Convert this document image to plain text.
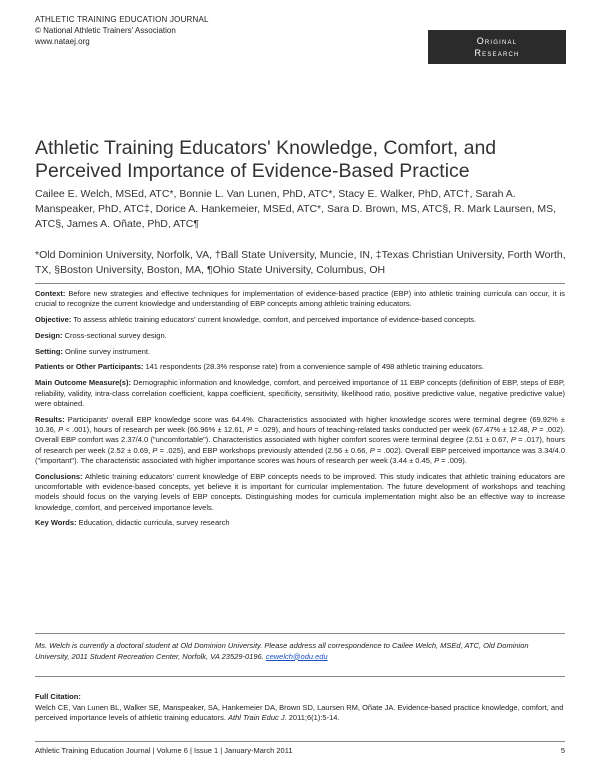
ATHLETIC TRAINING EDUCATION JOURNAL
© National Athletic Trainers' Association
www.nataej.org	Original
Research
Athletic Training Educators' Knowledge, Comfort, and Perceived Importance of Evidence-Based Practice
Cailee E. Welch, MSEd, ATC*, Bonnie L. Van Lunen, PhD, ATC*, Stacy E. Walker, PhD, ATC†, Sarah A. Manspeaker, PhD, ATC‡, Dorice A. Hankemeier, MSEd, ATC*, Sara D. Brown, MS, ATC§, R. Mark Laursen, MS, ATC§, James A. Oñate, PhD, ATC¶
*Old Dominion University, Norfolk, VA, †Ball State University, Muncie, IN, ‡Texas Christian University, Forth Worth, TX, §Boston University, Boston, MA, ¶Ohio State University, Columbus, OH

Context: Before new strategies and effective techniques for implementation of evidence-based practice (EBP) into athletic training curricula can occur, it is crucial to recognize the current knowledge and understanding of EBP concepts among athletic training educators.

Objective: To assess athletic training educators' current knowledge, comfort, and perceived importance of evidence-based concepts.

Design: Cross-sectional survey design.

Setting: Online survey instrument.

Patients or Other Participants: 141 respondents (28.3% response rate) from a convenience sample of 498 athletic training educators.

Main Outcome Measure(s): Demographic information and knowledge, comfort, and perceived importance of 11 EBP concepts (definition of EBP, steps of EBP, reliability, validity, intra-class correlation coefficient, kappa coefficient, specificity, sensitivity, likelihood ratio, positive predictive value, negative predictive value) were obtained.

Results: Participants' overall EBP knowledge score was 64.4%. Characteristics associated with higher knowledge scores were terminal degree (69.92% ± 10.36, P < .001), hours of research per week (66.96% ± 12.61, P = .029), and hours of teaching-related tasks conducted per week (67.47% ± 12.48, P = .002). Overall EBP comfort was 2.37/4.0 ("uncomfortable"). Characteristics associated with higher comfort scores were terminal degree (2.51 ± 0.67, P = .017), hours of research per week (2.52 ± 0.69, P = .025), and EBP workshops previously attended (2.56 ± 0.66, P = .002). Overall EBP perceived importance was 3.34/4.0 ("important"). The characteristic associated with higher importance scores was hours of research per week (3.44 ± 0.45, P = .009).

Conclusions: Athletic training educators' current knowledge of EBP concepts needs to be improved. This study indicates that athletic training educators are uncomfortable with evidence-based concepts, yet believe it is important for curricular implementation. The future development of workshops and teaching models should focus on the varying levels of EBP concepts. Distinguishing modes for curricula implementation might also be an effective way to increase knowledge, comfort, and perceived importance levels.

Key Words: Education, didactic curricula, survey research

Ms. Welch is currently a doctoral student at Old Dominion University. Please address all correspondence to Cailee Welch, MSEd, ATC, Old Dominion University, 2011 Student Recreation Center, Norfolk, VA 23529-0196. cewelch@odu.edu
Full Citation:
Welch CE, Van Lunen BL, Walker SE, Manspeaker, SA, Hankemeier DA, Brown SD, Laursen RM, Oñate JA. Evidence-based practice knowledge, comfort, and perceived importance levels of athletic training educators. Athl Train Educ J. 2011;6(1):5-14.
Athletic Training Education Journal | Volume 6 | Issue 1 | January-March 2011	5
